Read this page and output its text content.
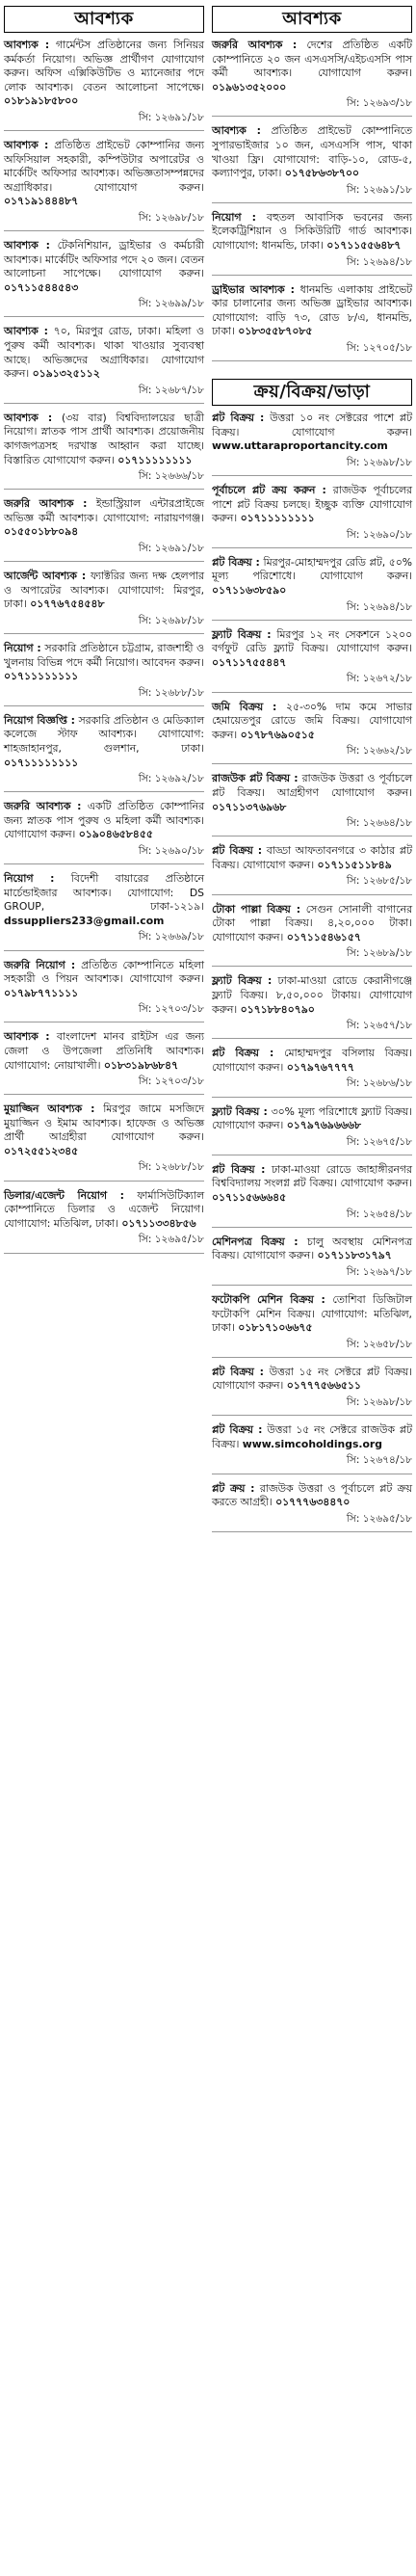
আবশ্যক

আবশ্যক : গার্মেন্টস প্রতিষ্ঠানের জন্য সিনিয়র কর্মকর্তা নিয়োগ। অভিজ্ঞ প্রার্থীগণ যোগাযোগ করুন। অফিস এক্সিকিউটিভ ও ম্যানেজার পদে লোক আবশ্যক। বেতন আলোচনা সাপেক্ষে। ০১৮১৯১৮৫৮০০
সি: ১২৬৯১/১৮

আবশ্যক : প্রতিষ্ঠিত প্রাইভেট কোম্পানির জন্য অফিসিয়াল সহকারী, কম্পিউটার অপারেটর ও মার্কেটিং অফিসার আবশ্যক। অভিজ্ঞতাসম্পন্নদের অগ্রাধিকার। যোগাযোগ করুন। ০১৭১৯১৪৪৪৮৭
সি: ১২৬৯৮/১৮

আবশ্যক : টেকনিশিয়ান, ড্রাইভার ও কর্মচারী আবশ্যক। মার্কেটিং অফিসার পদে ২০ জন। বেতন আলোচনা সাপেক্ষে। যোগাযোগ করুন। ০১৭১১৫৪৪৫৪৩
সি: ১২৬৯৯/১৮

আবশ্যক : ৭০, মিরপুর রোড, ঢাকা। মহিলা ও পুরুষ কর্মী আবশ্যক। থাকা খাওয়ার সুব্যবস্থা আছে। অভিজ্ঞদের অগ্রাধিকার। যোগাযোগ করুন। ০১৯১৩২৫১১২
সি: ১২৬৮৭/১৮

আবশ্যক : (৩য় বার) বিশ্ববিদ্যালয়ের ছাত্রী নিয়োগ। স্নাতক পাস প্রার্থী আবশ্যক। প্রয়োজনীয় কাগজপত্রসহ দরখাস্ত আহ্বান করা যাচ্ছে। বিস্তারিত যোগাযোগ করুন। ০১৭১১১১১১১১
সি: ১২৬৬৬/১৮

জরুরি আবশ্যক : ইন্ডাস্ট্রিয়াল এন্টারপ্রাইজে অভিজ্ঞ কর্মী আবশ্যক। যোগাযোগ: নারায়ণগঞ্জ। ০১৫৫০১৮৮০৯৪
সি: ১২৬৯১/১৮

আর্জেন্ট আবশ্যক : ফ্যাক্টরির জন্য দক্ষ হেলপার ও অপারেটর আবশ্যক। যোগাযোগ: মিরপুর, ঢাকা। ০১৭৭৬৭৫৪৫৪৮
সি: ১২৬৯৮/১৮

নিয়োগ : সরকারি প্রতিষ্ঠানে চট্টগ্রাম, রাজশাহী ও খুলনায় বিভিন্ন পদে কর্মী নিয়োগ। আবেদন করুন। ০১৭১১১১১১১১
সি: ১২৬৮৮/১৮

নিয়োগ বিজ্ঞপ্তি : সরকারি প্রতিষ্ঠান ও মেডিক্যাল কলেজে স্টাফ আবশ্যক। যোগাযোগ: শাহজাহানপুর, গুলশান, ঢাকা। ০১৭১১১১১১১১
সি: ১২৬৯২/১৮

জরুরি আবশ্যক : একটি প্রতিষ্ঠিত কোম্পানির জন্য স্নাতক পাস পুরুষ ও মহিলা কর্মী আবশ্যক। যোগাযোগ করুন। ০১৯০৪৬৫৮৪৫৫
সি: ১২৬৯০/১৮

নিয়োগ : বিদেশী বায়ারের প্রতিষ্ঠানে মার্চেন্ডাইজার আবশ্যক। যোগাযোগ: DS GROUP, ঢাকা-১২১৯। dssuppliers233@gmail.com
সি: ১২৬৬৯/১৮

জরুরি নিয়োগ : প্রতিষ্ঠিত কোম্পানিতে মহিলা সহকারী ও পিয়ন আবশ্যক। যোগাযোগ করুন। ০১৭৯৮৭৭১১১১
সি: ১২৭০৩/১৮

আবশ্যক : বাংলাদেশ মানব রাইটস এর জন্য জেলা ও উপজেলা প্রতিনিধি আবশ্যক। যোগাযোগ: নোয়াখালী। ০১৮৩১৯৮৬৮৪৭
সি: ১২৭০৩/১৮

মুয়াজ্জিন আবশ্যক : মিরপুর জামে মসজিদে মুয়াজ্জিন ও ইমাম আবশ্যক। হাফেজ ও অভিজ্ঞ প্রার্থী আগ্রহীরা যোগাযোগ করুন। ০১৭২৫৫১২৩৪৫
সি: ১২৬৮৮/১৮

ডিলার/এজেন্ট নিয়োগ : ফার্মাসিউটিক্যাল কোম্পানিতে ডিলার ও এজেন্ট নিয়োগ। যোগাযোগ: মতিঝিল, ঢাকা। ০১৭১১৩৩৪৮৫৬
সি: ১২৬৯৫/১৮

আবশ্যক

জরুরি আবশ্যক : দেশের প্রতিষ্ঠিত একটি কোম্পানিতে ২০ জন এসএসসি/এইচএসসি পাস কর্মী আবশ্যক। যোগাযোগ করুন। ০১৯৬১৩৫২০০০
সি: ১২৬৯৩/১৮

আবশ্যক : প্রতিষ্ঠিত প্রাইভেট কোম্পানিতে সুপারভাইজার ১০ জন, এসএসসি পাস, থাকা খাওয়া ফ্রি। যোগাযোগ: বাড়ি-১০, রোড-৫, কল্যাণপুর, ঢাকা। ০১৭৫৮৬৩৮৭০০
সি: ১২৬৯১/১৮

নিয়োগ : বহুতল আবাসিক ভবনের জন্য ইলেকট্রিশিয়ান ও সিকিউরিটি গার্ড আবশ্যক। যোগাযোগ: ধানমন্ডি, ঢাকা। ০১৭১১৫৫৬৪৮৭
সি: ১২৬৯৪/১৮

ড্রাইভার আবশ্যক : ধানমন্ডি এলাকায় প্রাইভেট কার চালানোর জন্য অভিজ্ঞ ড্রাইভার আবশ্যক। যোগাযোগ: বাড়ি ৭৩, রোড ৮/এ, ধানমন্ডি, ঢাকা। ০১৮৩৫৫৮৭০৮৫
সি: ১২৭০৫/১৮

ক্রয়/বিক্রয়/ভাড়া

প্লট বিক্রয় : উত্তরা ১০ নং সেক্টরের পাশে প্লট বিক্রয়। যোগাযোগ করুন। www.uttaraproportancity.com
সি: ১২৬৯৮/১৮

পূর্বাচলে প্লট ক্রয় করুন : রাজউক পূর্বাচলের পাশে প্লট বিক্রয় চলছে। ইচ্ছুক ব্যক্তি যোগাযোগ করুন। ০১৭১১১১১১১১
সি: ১২৬৯০/১৮

প্লট বিক্রয় : মিরপুর-মোহাম্মদপুর রেডি প্লট, ৫০% মূল্য পরিশোধে। যোগাযোগ করুন। ০১৭১১৬৩৮৫৯০
সি: ১২৬৯৪/১৮

ফ্ল্যাট বিক্রয় : মিরপুর ১২ নং সেকশনে ১২০০ বর্গফুট রেডি ফ্ল্যাট বিক্রয়। যোগাযোগ করুন। ০১৭১১৭৫৫৪৪৭
সি: ১২৬৭২/১৮

জমি বিক্রয় : ২৫-৩০% দাম কমে সাভার হেমায়েতপুর রোডে জমি বিক্রয়। যোগাযোগ করুন। ০১৭৮৭৬৯০৫১৫
সি: ১২৬৬২/১৮

রাজউক প্লট বিক্রয় : রাজউক উত্তরা ও পূর্বাচলে প্লট বিক্রয়। আগ্রহীগণ যোগাযোগ করুন। ০১৭১১৩৭৬৯৬৮
সি: ১২৬৬৪/১৮

প্লট বিক্রয় : বাড্ডা আফতাবনগরে ৩ কাঠার প্লট বিক্রয়। যোগাযোগ করুন। ০১৭১১৫১১৮৪৯
সি: ১২৬৮৫/১৮

টোকা পাল্লা বিক্রয় : সেগুন সোনালী বাগানের টোকা পাল্লা বিক্রয়। ৪,২০,০০০ টাকা। যোগাযোগ করুন। ০১৭১১৫৪৬১৫৭
সি: ১২৬৮৯/১৮

ফ্ল্যাট বিক্রয় : ঢাকা-মাওয়া রোডে কেরানীগঞ্জে ফ্ল্যাট বিক্রয়। ৮,৫০,০০০ টাকায়। যোগাযোগ করুন। ০১৭১৮৮৪০৭৯০
সি: ১২৬৫৭/১৮

প্লট বিক্রয় : মোহাম্মদপুর বসিলায় বিক্রয়। যোগাযোগ করুন। ০১৭৯৭৬৭৭৭৭
সি: ১২৬৮৬/১৮

ফ্ল্যাট বিক্রয় : ৩০% মূল্য পরিশোধে ফ্ল্যাট বিক্রয়। যোগাযোগ করুন। ০১৭৯৭৬৯৬৬৬৮
সি: ১২৬৭৫/১৮

প্লট বিক্রয় : ঢাকা-মাওয়া রোডে জাহাঙ্গীরনগর বিশ্ববিদ্যালয় সংলগ্ন প্লট বিক্রয়। যোগাযোগ করুন। ০১৭১১৫৬৬৬৪৫
সি: ১২৬৫৪/১৮

মেশিনপত্র বিক্রয় : চালু অবস্থায় মেশিনপত্র বিক্রয়। যোগাযোগ করুন। ০১৭১১৮৩১৭৯৭
সি: ১২৬৯৭/১৮

ফটোকপি মেশিন বিক্রয় : তোশিবা ডিজিটাল ফটোকপি মেশিন বিক্রয়। যোগাযোগ: মতিঝিল, ঢাকা। ০১৮১৭১০৬৬৭৫
সি: ১২৬৫৮/১৮

প্লট বিক্রয় : উত্তরা ১৫ নং সেক্টরে প্লট বিক্রয়। যোগাযোগ করুন। ০১৭৭৭৫৬৬৫১১
সি: ১২৬৯৮/১৮

প্লট বিক্রয় : উত্তরা ১৫ নং সেক্টরে রাজউক প্লট বিক্রয়। www.simcoholdings.org
সি: ১২৬৭৪/১৮

প্লট ক্রয় : রাজউক উত্তরা ও পূর্বাচলে প্লট ক্রয় করতে আগ্রহী। ০১৭৭৭৬৩৪৪৭০
সি: ১২৬৯৫/১৮
